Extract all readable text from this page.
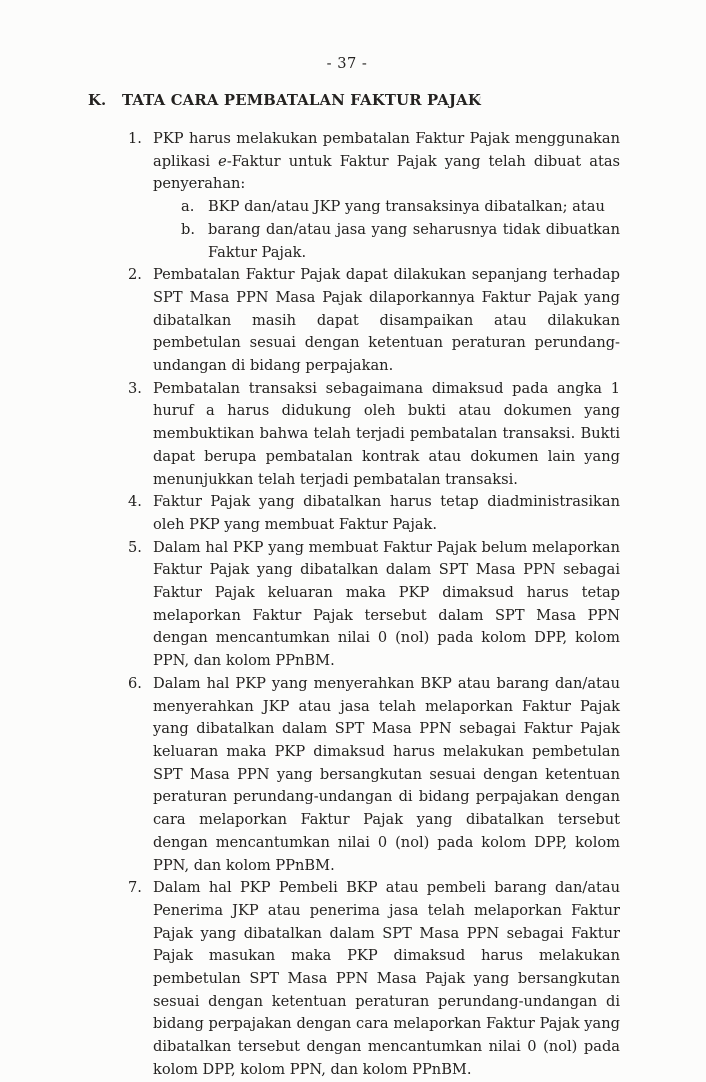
- 37 -
K.	TATA CARA PEMBATALAN FAKTUR PAJAK
1. PKP harus melakukan pembatalan Faktur Pajak menggunakan aplikasi e-Faktur untuk Faktur Pajak yang telah dibuat atas penyerahan:
a. BKP dan/atau JKP yang transaksinya dibatalkan; atau
b. barang dan/atau jasa yang seharusnya tidak dibuatkan Faktur Pajak.
2. Pembatalan Faktur Pajak dapat dilakukan sepanjang terhadap SPT Masa PPN Masa Pajak dilaporkannya Faktur Pajak yang dibatalkan masih dapat disampaikan atau dilakukan pembetulan sesuai dengan ketentuan peraturan perundang-undangan di bidang perpajakan.
3. Pembatalan transaksi sebagaimana dimaksud pada angka 1 huruf a harus didukung oleh bukti atau dokumen yang membuktikan bahwa telah terjadi pembatalan transaksi. Bukti dapat berupa pembatalan kontrak atau dokumen lain yang menunjukkan telah terjadi pembatalan transaksi.
4. Faktur Pajak yang dibatalkan harus tetap diadministrasikan oleh PKP yang membuat Faktur Pajak.
5. Dalam hal PKP yang membuat Faktur Pajak belum melaporkan Faktur Pajak yang dibatalkan dalam SPT Masa PPN sebagai Faktur Pajak keluaran maka PKP dimaksud harus tetap melaporkan Faktur Pajak tersebut dalam SPT Masa PPN dengan mencantumkan nilai 0 (nol) pada kolom DPP, kolom PPN, dan kolom PPnBM.
6. Dalam hal PKP yang menyerahkan BKP atau barang dan/atau menyerahkan JKP atau jasa telah melaporkan Faktur Pajak yang dibatalkan dalam SPT Masa PPN sebagai Faktur Pajak keluaran maka PKP dimaksud harus melakukan pembetulan SPT Masa PPN yang bersangkutan sesuai dengan ketentuan peraturan perundang-undangan di bidang perpajakan dengan cara melaporkan Faktur Pajak yang dibatalkan tersebut dengan mencantumkan nilai 0 (nol) pada kolom DPP, kolom PPN, dan kolom PPnBM.
7. Dalam hal PKP Pembeli BKP atau pembeli barang dan/atau Penerima JKP atau penerima jasa telah melaporkan Faktur Pajak yang dibatalkan dalam SPT Masa PPN sebagai Faktur Pajak masukan maka PKP dimaksud harus melakukan pembetulan SPT Masa PPN Masa Pajak yang bersangkutan sesuai dengan ketentuan peraturan perundang-undangan di bidang perpajakan dengan cara melaporkan Faktur Pajak yang dibatalkan tersebut dengan mencantumkan nilai 0 (nol) pada kolom DPP, kolom PPN, dan kolom PPnBM.
